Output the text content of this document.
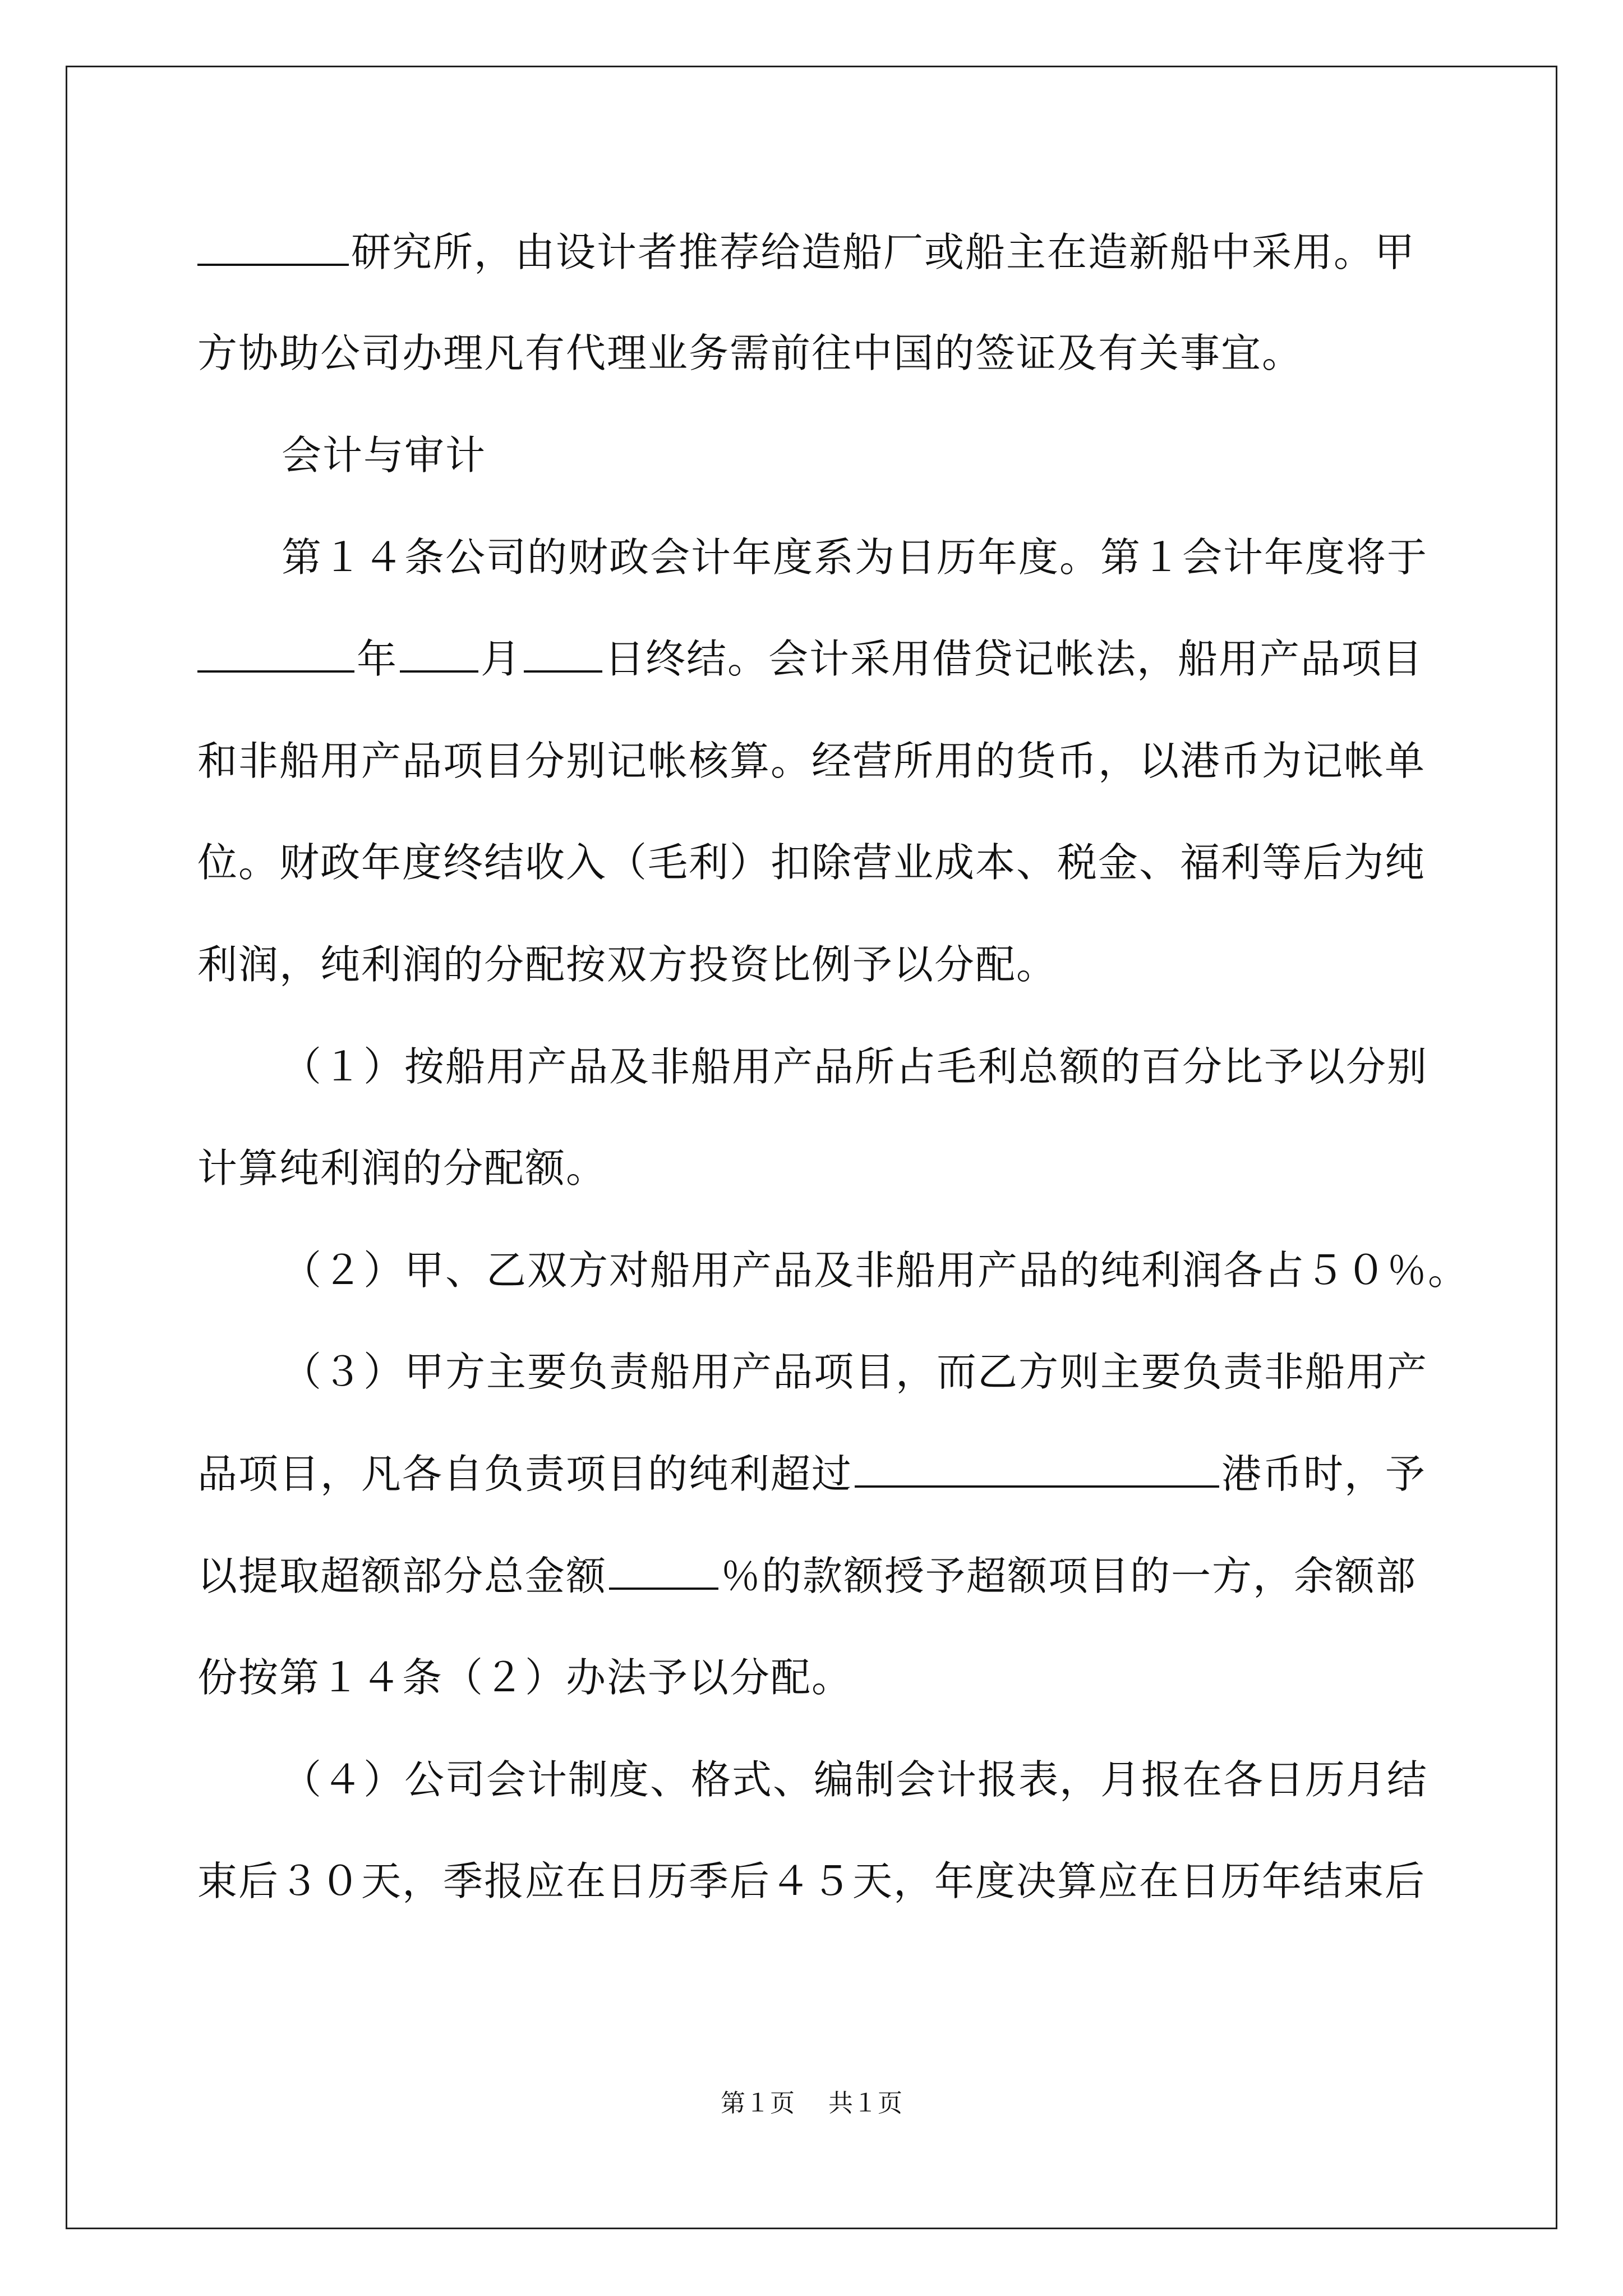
研究所，由设计者推荐给造船厂或船主在造新船中采用。甲
方协助公司办理凡有代理业务需前往中国的签证及有关事宜。
会计与审计
第１４条公司的财政会计年度系为日历年度。第１会计年度将于
年 月 日终结。会计采用借贷记帐法，船用产品项目
和非船用产品项目分别记帐核算。经营所用的货币，以港币为记帐单
位。财政年度终结收入（毛利）扣除营业成本、税金、福利等后为纯
利润，纯利润的分配按双方投资比例予以分配。
（１）按船用产品及非船用产品所占毛利总额的百分比予以分别
计算纯利润的分配额。
（２）甲、乙双方对船用产品及非船用产品的纯利润各占５０％。
（３）甲方主要负责船用产品项目，而乙方则主要负责非船用产
品项目，凡各自负责项目的纯利超过	港币时，予
以提取超额部分总金额	％的款额授予超额项目的一方，余额部
份按第１４条（２）办法予以分配。
（４）公司会计制度、格式、编制会计报表，月报在各日历月结
束后３０天，季报应在日历季后４５天，年度决算应在日历年结束后
第１页 共１页
